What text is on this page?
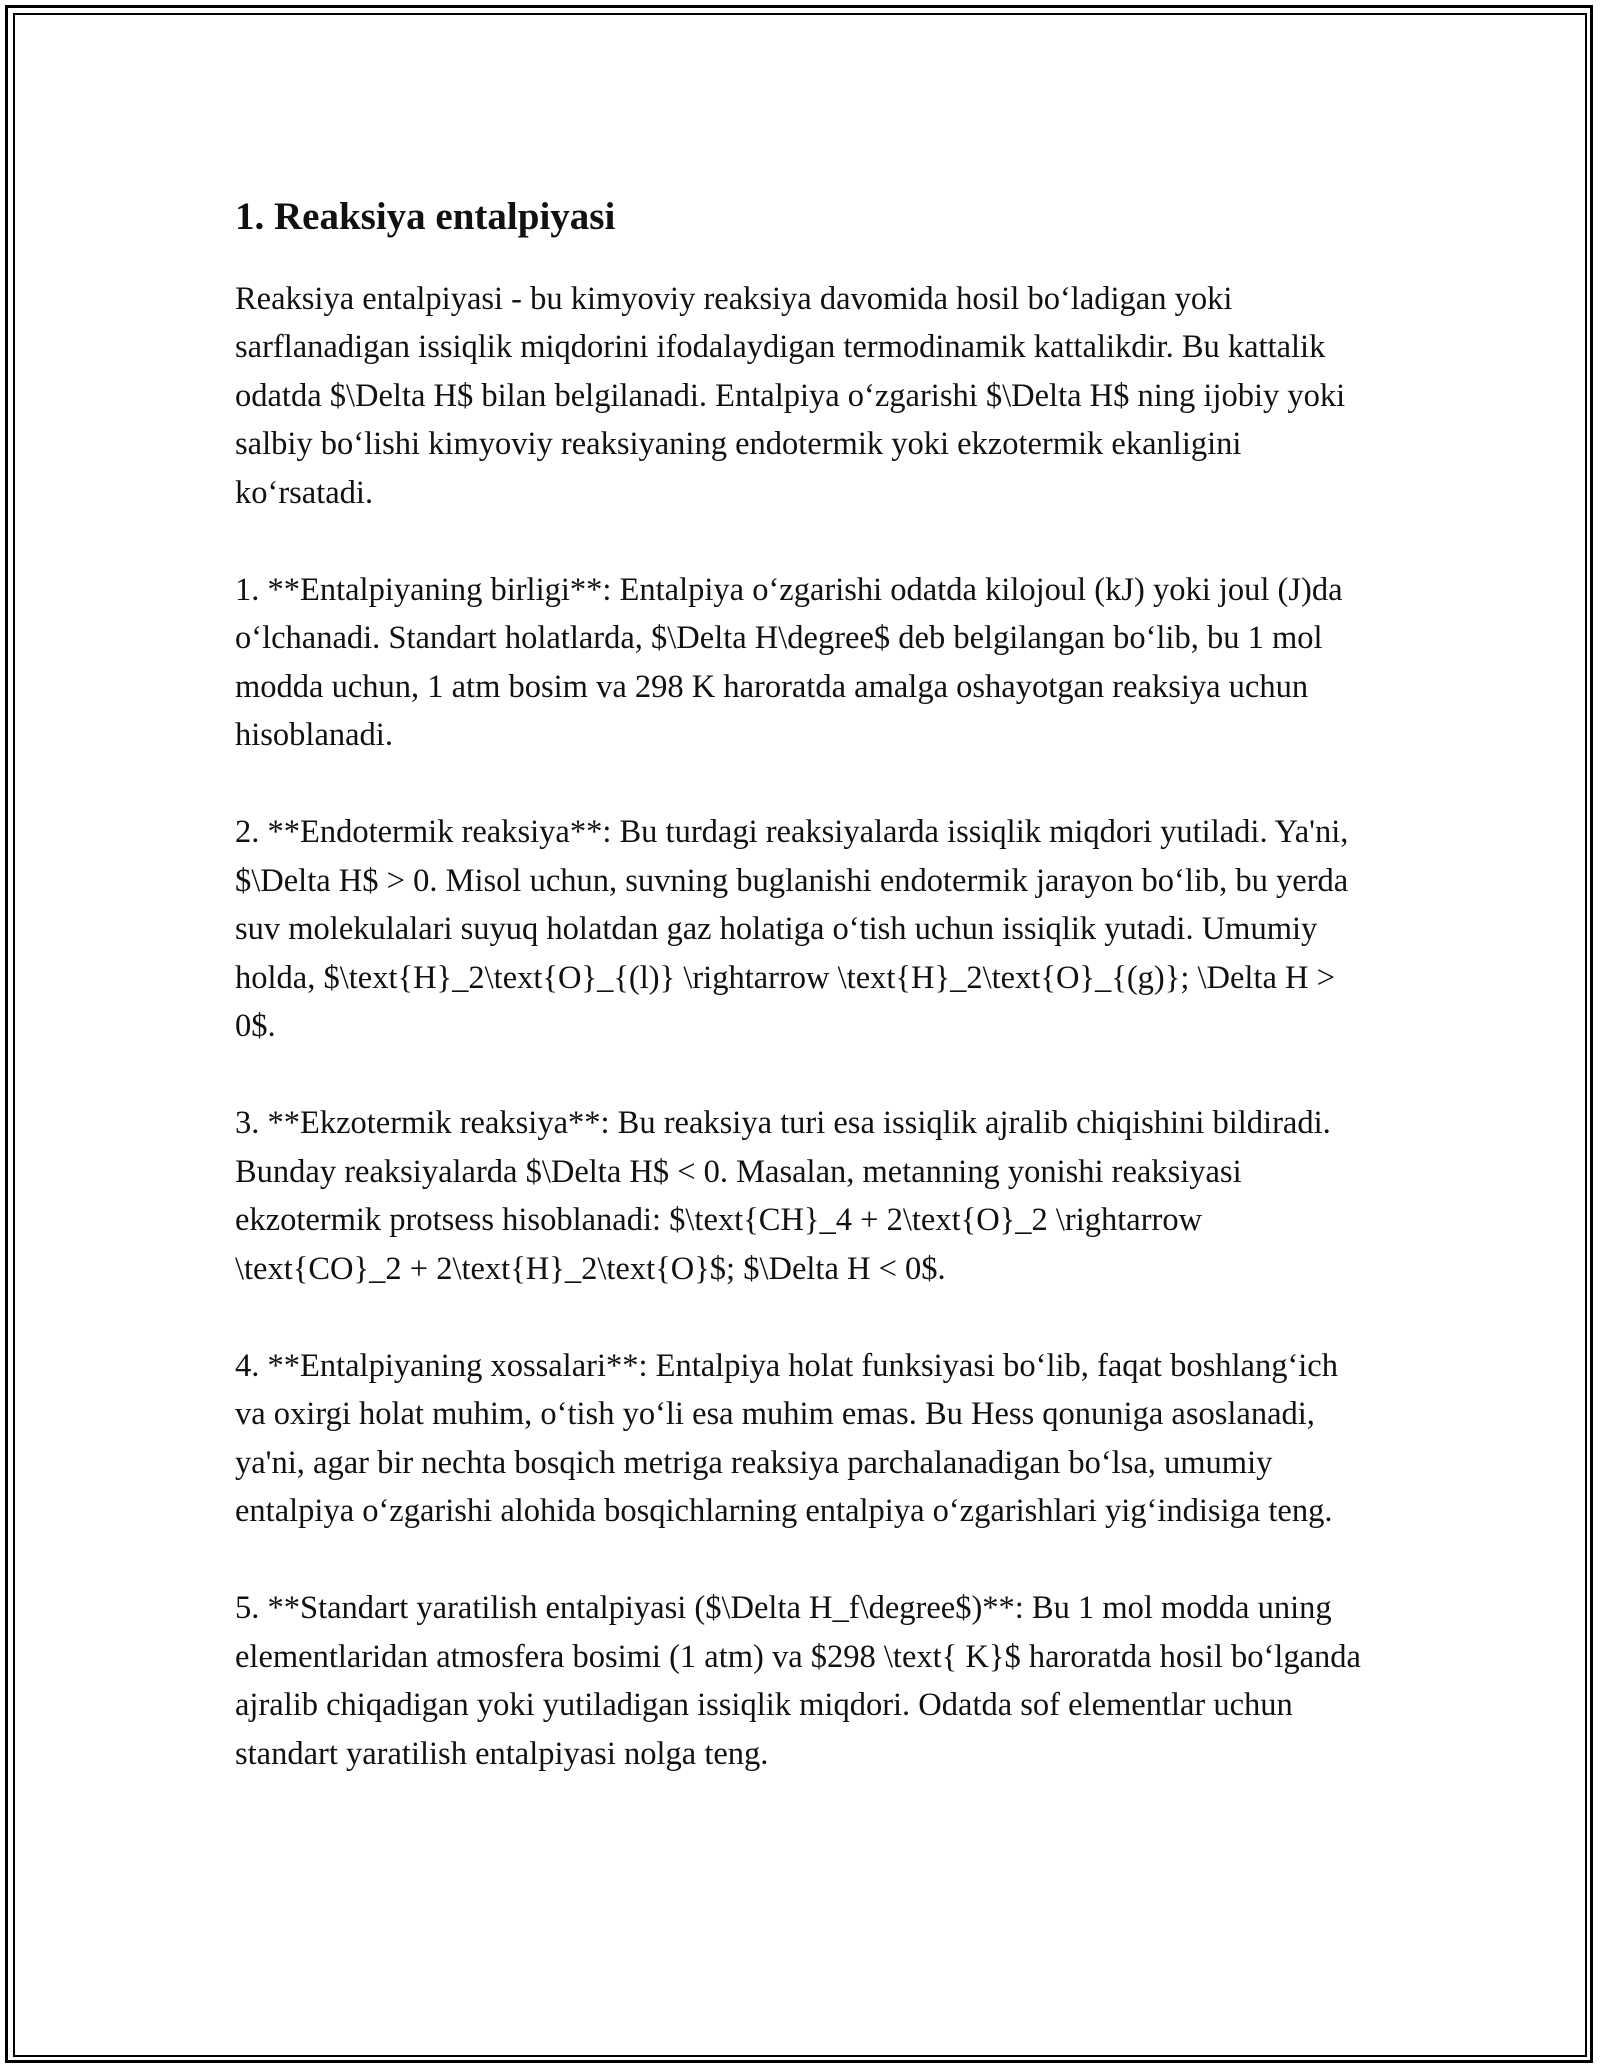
1. Reaksiya entalpiyasi

Reaksiya entalpiyasi - bu kimyoviy reaksiya davomida hosil bo‘ladigan yoki sarflanadigan issiqlik miqdorini ifodalaydigan termodinamik kattalikdir. Bu kattalik odatda $\Delta H$ bilan belgilanadi. Entalpiya o‘zgarishi $\Delta H$ ning ijobiy yoki salbiy bo‘lishi kimyoviy reaksiyaning endotermik yoki ekzotermik ekanligini ko‘rsatadi.

1. **Entalpiyaning birligi**: Entalpiya o‘zgarishi odatda kilojoul (kJ) yoki joul (J)da o‘lchanadi. Standart holatlarda, $\Delta H\degree$ deb belgilangan bo‘lib, bu 1 mol modda uchun, 1 atm bosim va 298 K haroratda amalga oshayotgan reaksiya uchun hisoblanadi.

2. **Endotermik reaksiya**: Bu turdagi reaksiyalarda issiqlik miqdori yutiladi. Ya'ni, $\Delta H$ > 0. Misol uchun, suvning buglanishi endotermik jarayon bo‘lib, bu yerda suv molekulalari suyuq holatdan gaz holatiga o‘tish uchun issiqlik yutadi. Umumiy holda, $\text{H}_2\text{O}_{(l)} \rightarrow \text{H}_2\text{O}_{(g)}; \Delta H > 0$.

3. **Ekzotermik reaksiya**: Bu reaksiya turi esa issiqlik ajralib chiqishini bildiradi. Bunday reaksiyalarda $\Delta H$ < 0. Masalan, metanning yonishi reaksiyasi ekzotermik protsess hisoblanadi: $\text{CH}_4 + 2\text{O}_2 \rightarrow \text{CO}_2 + 2\text{H}_2\text{O}$; $\Delta H < 0$.

4. **Entalpiyaning xossalari**: Entalpiya holat funksiyasi bo‘lib, faqat boshlang‘ich va oxirgi holat muhim, o‘tish yo‘li esa muhim emas. Bu Hess qonuniga asoslanadi, ya'ni, agar bir nechta bosqich metriga reaksiya parchalanadigan bo‘lsa, umumiy entalpiya o‘zgarishi alohida bosqichlarning entalpiya o‘zgarishlari yig‘indisiga teng.

5. **Standart yaratilish entalpiyasi ($\Delta H_f\degree$)**: Bu 1 mol modda uning elementlaridan atmosfera bosimi (1 atm) va $298 \text{ K}$ haroratda hosil bo‘lganda ajralib chiqadigan yoki yutiladigan issiqlik miqdori. Odatda sof elementlar uchun standart yaratilish entalpiyasi nolga teng.
